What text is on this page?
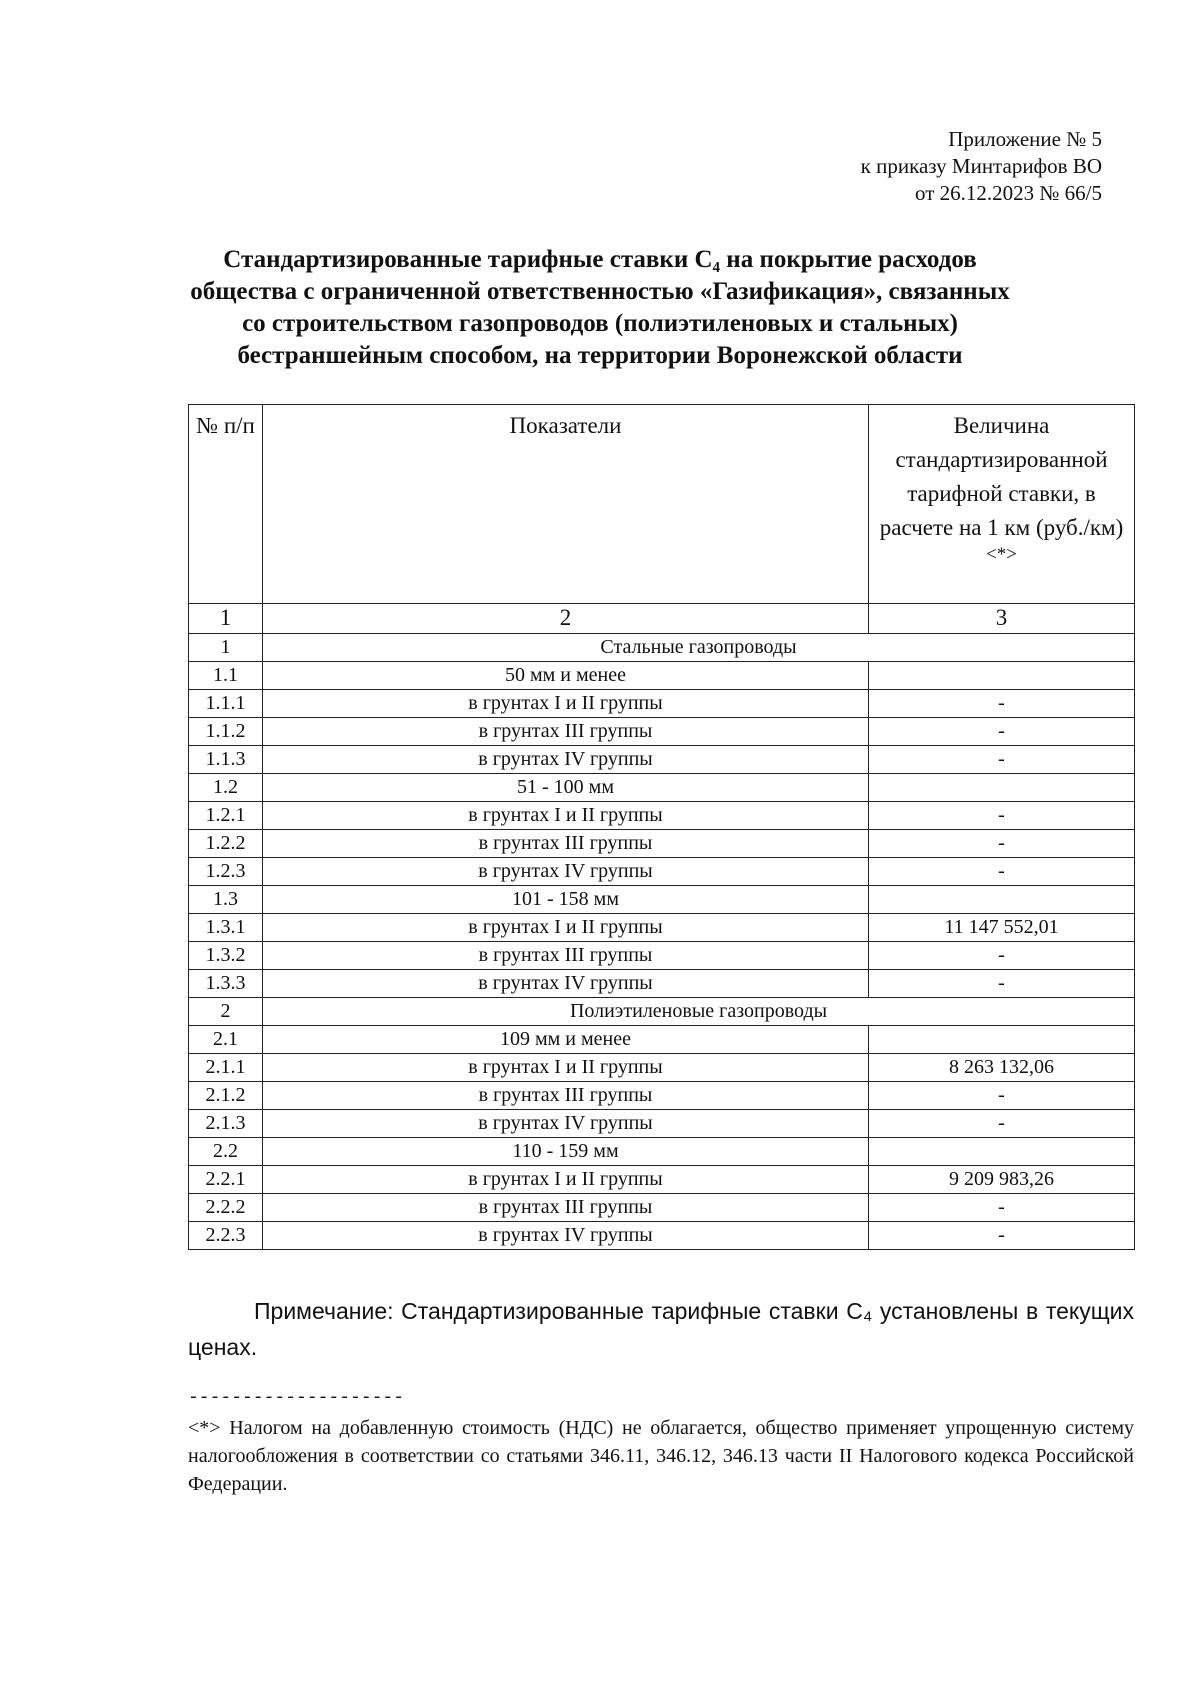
Приложение № 5
к приказу Минтарифов ВО
от 26.12.2023 № 66/5
Стандартизированные тарифные ставки С₄ на покрытие расходов
общества с ограниченной ответственностью «Газификация», связанных
со строительством газопроводов (полиэтиленовых и стальных)
бестраншейным способом, на территории Воронежской области
№ п/п	Показатели	Величина стандартизированной тарифной ставки, в расчете на 1 км (руб./км)
<*>

1	2	3
1	Стальные газопроводы	
1.1	50 мм и менее	
1.1.1	в грунтах I и II группы	-
1.1.2	в грунтах III группы	-
1.1.3	в грунтах IV группы	-
1.2	51 - 100 мм	
1.2.1	в грунтах I и II группы	-
1.2.2	в грунтах III группы	-
1.2.3	в грунтах IV группы	-
1.3	101 - 158 мм	
1.3.1	в грунтах I и II группы	11 147 552,01
1.3.2	в грунтах III группы	-
1.3.3	в грунтах IV группы	-
2	Полиэтиленовые газопроводы	
2.1	109 мм и менее	
2.1.1	в грунтах I и II группы	8 263 132,06
2.1.2	в грунтах III группы	-
2.1.3	в грунтах IV группы	-
2.2	110 - 159 мм	
2.2.1	в грунтах I и II группы	9 209 983,26
2.2.2	в грунтах III группы	-
2.2.3	в грунтах IV группы	-
Примечание: Стандартизированные тарифные ставки С₄ установлены в текущих ценах.
--------------------
<*> Налогом на добавленную стоимость (НДС) не облагается, общество применяет упрощенную систему налогообложения в соответствии со статьями 346.11, 346.12, 346.13 части II Налогового кодекса Российской Федерации.
